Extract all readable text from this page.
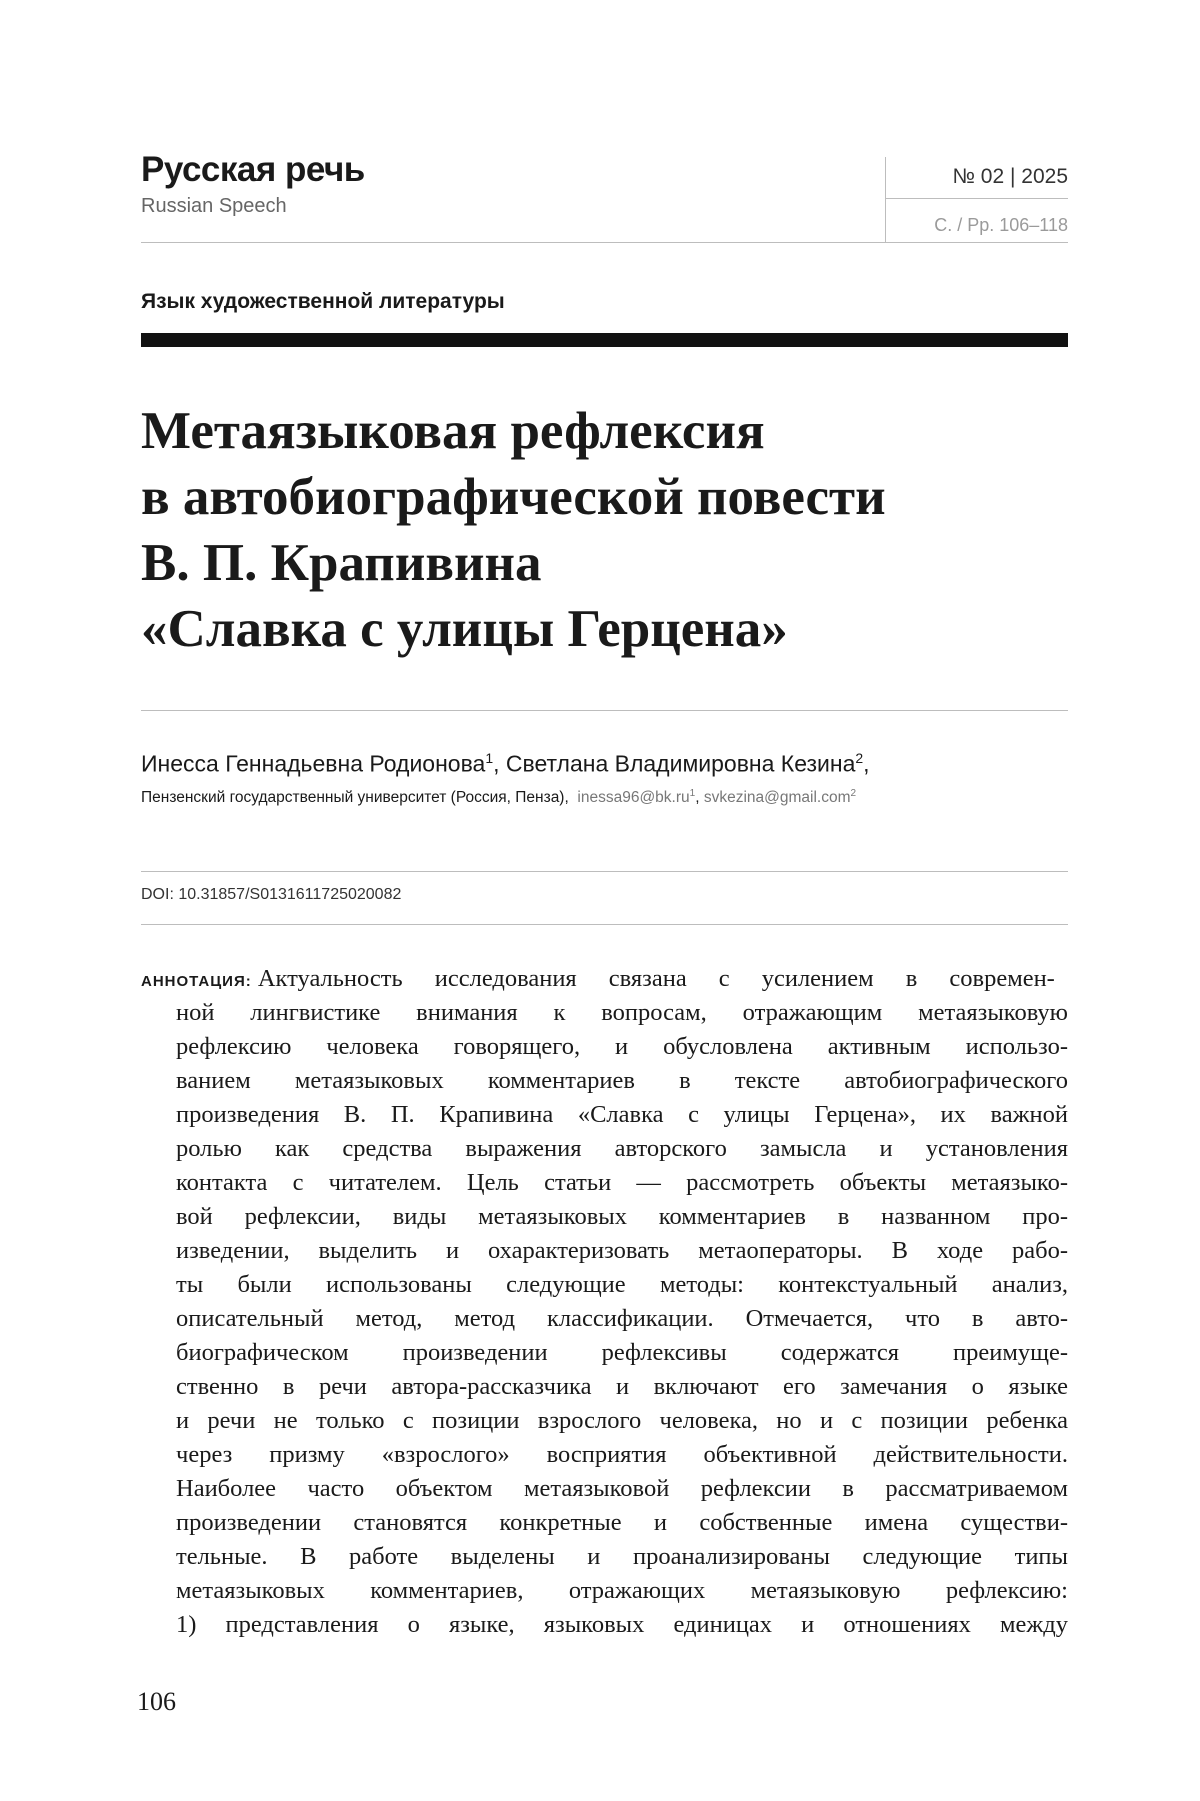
Русская речь
Russian Speech
№ 02 | 2025
С. / Pp. 106–118
Язык художественной литературы
Метаязыковая рефлексия
в автобиографической повести
В. П. Крапивина
«Славка с улицы Герцена»
Инесса Геннадьевна Родионова$^1$, Светлана Владимировна Кезина$^2$,
Пензенский государственный университет (Россия, Пенза), $inessa96@bk.ru^1$, svkezina@gmail.com$^2$
DOI: 10.31857/S0131611725020082
АННОТАЦИЯ: Актуальность исследования связана с усилением в современ-
ной лингвистике внимания к вопросам, отражающим метаязыковую
рефлексию человека говорящего, и обусловлена активным использо-
ванием метаязыковых комментариев в тексте автобиографического
произведения В. П. Крапивина «Славка с улицы Герцена», их важной
ролью как средства выражения авторского замысла и установления
контакта с читателем. Цель статьи — рассмотреть объекты метаязыко-
вой рефлексии, виды метаязыковых комментариев в названном про-
изведении, выделить и охарактеризовать метаоператоры. В ходе рабо-
ты были использованы следующие методы: контекстуальный анализ,
описательный метод, метод классификации. Отмечается, что в авто-
биографическом произведении рефлексивы содержатся преимуще-
ственно в речи автора-рассказчика и включают его замечания о языке
и речи не только с позиции взрослого человека, но и с позиции ребенка
через призму «взрослого» восприятия объективной действительности.
Наиболее часто объектом метаязыковой рефлексии в рассматриваемом
произведении становятся конкретные и собственные имена существи-
тельные. В работе выделены и проанализированы следующие типы
метаязыковых комментариев, отражающих метаязыковую рефлексию:
1) представления о языке, языковых единицах и отношениях между
106
